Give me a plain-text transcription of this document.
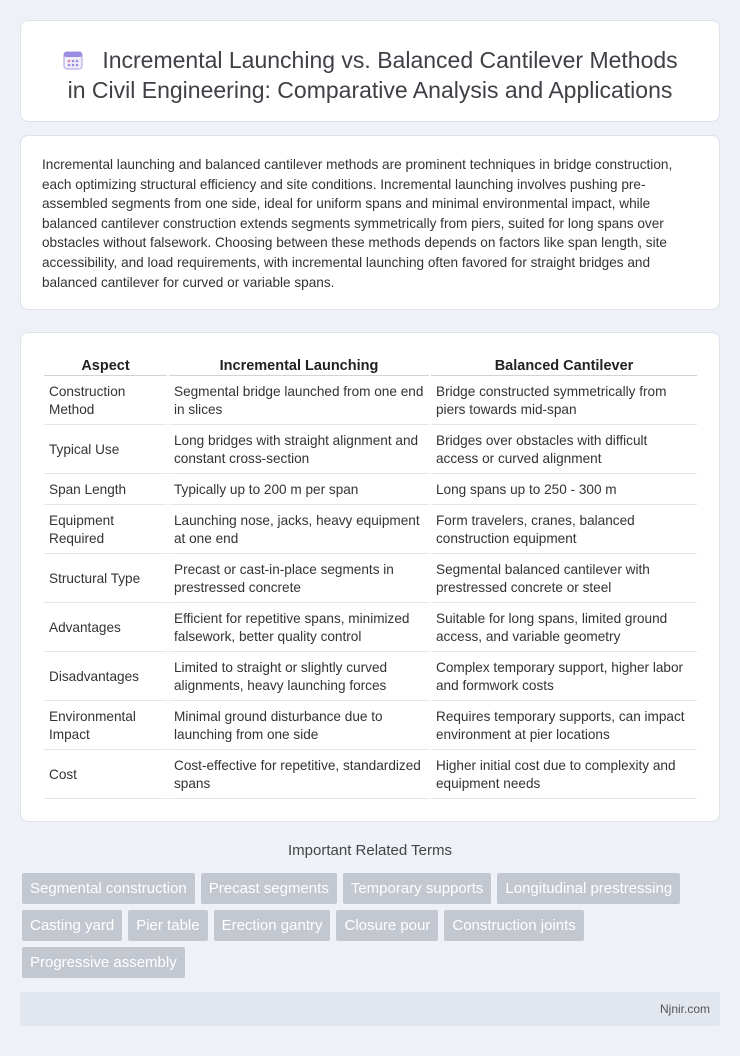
Incremental Launching vs. Balanced Cantilever Methods
in Civil Engineering: Comparative Analysis and Applications

Incremental launching and balanced cantilever methods are prominent techniques in bridge construction, each optimizing structural efficiency and site conditions. Incremental launching involves pushing pre-assembled segments from one side, ideal for uniform spans and minimal environmental impact, while balanced cantilever construction extends segments symmetrically from piers, suited for long spans over obstacles without falsework. Choosing between these methods depends on factors like span length, site accessibility, and load requirements, with incremental launching often favored for straight bridges and balanced cantilever for curved or variable spans.

Aspect	Incremental Launching	Balanced Cantilever
Construction Method	Segmental bridge launched from one end in slices	Bridge constructed symmetrically from piers towards mid-span
Typical Use	Long bridges with straight alignment and constant cross-section	Bridges over obstacles with difficult access or curved alignment
Span Length	Typically up to 200 m per span	Long spans up to 250 - 300 m
Equipment Required	Launching nose, jacks, heavy equipment at one end	Form travelers, cranes, balanced construction equipment
Structural Type	Precast or cast-in-place segments in prestressed concrete	Segmental balanced cantilever with prestressed concrete or steel
Advantages	Efficient for repetitive spans, minimized falsework, better quality control	Suitable for long spans, limited ground access, and variable geometry
Disadvantages	Limited to straight or slightly curved alignments, heavy launching forces	Complex temporary support, higher labor and formwork costs
Environmental Impact	Minimal ground disturbance due to launching from one side	Requires temporary supports, can impact environment at pier locations
Cost	Cost-effective for repetitive, standardized spans	Higher initial cost due to complexity and equipment needs
Important Related Terms
Segmental construction	Precast segments	Temporary supports	Longitudinal prestressing
Casting yard	Pier table	Erection gantry	Closure pour	Construction joints
Progressive assembly
Njnir.com
